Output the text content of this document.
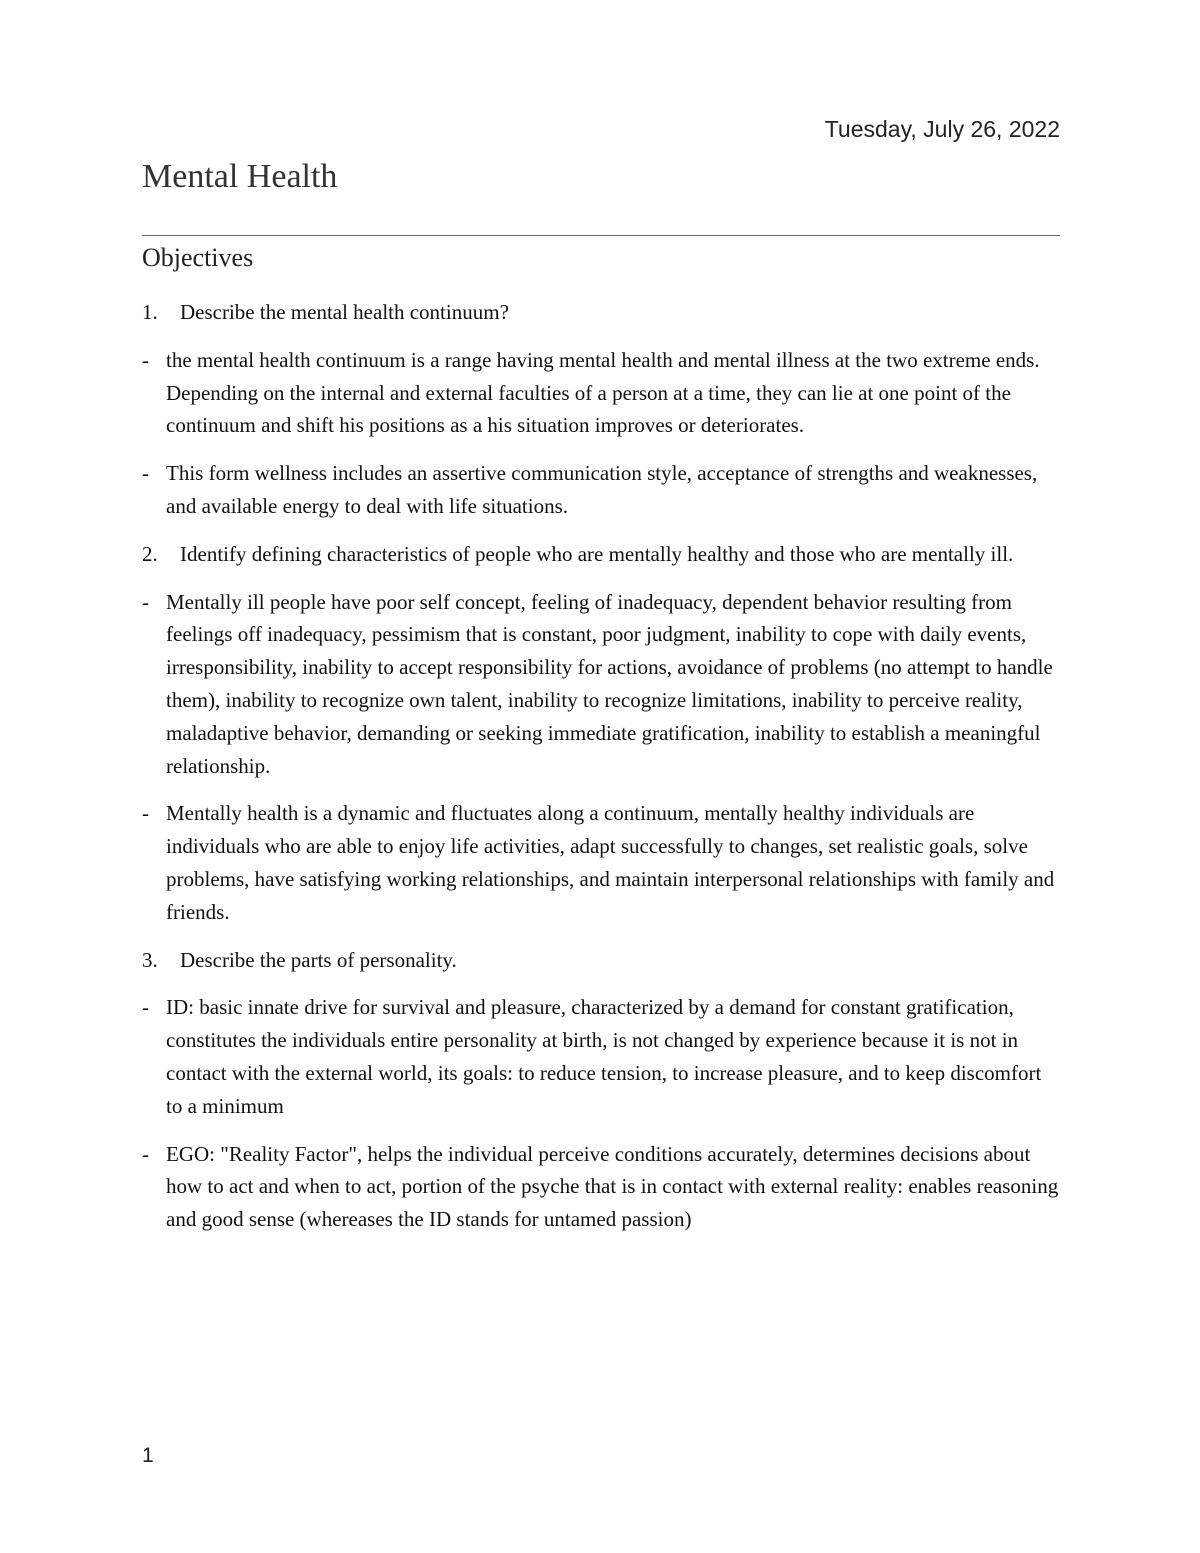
Tuesday, July 26, 2022
Mental Health
Objectives
1.	Describe the mental health continuum?
- the mental health continuum is a range having mental health and mental illness at the two extreme ends. Depending on the internal and external faculties of a person at a time, they can lie at one point of the continuum and shift his positions as a his situation improves or deteriorates.
- This form wellness includes an assertive communication style, acceptance of strengths and weaknesses, and available energy to deal with life situations.
2.	Identify defining characteristics of people who are mentally healthy and those who are mentally ill.
- Mentally ill people have poor self concept, feeling of inadequacy, dependent behavior resulting from feelings off inadequacy, pessimism that is constant, poor judgment, inability to cope with daily events, irresponsibility, inability to accept responsibility for actions, avoidance of problems (no attempt to handle them), inability to recognize own talent, inability to recognize limitations, inability to perceive reality, maladaptive behavior, demanding or seeking immediate gratification, inability to establish a meaningful relationship.
- Mentally health is a dynamic and fluctuates along a continuum, mentally healthy individuals are individuals who are able to enjoy life activities, adapt successfully to changes, set realistic goals, solve problems, have satisfying working relationships, and maintain interpersonal relationships with family and friends.
3.	Describe the parts of personality.
- ID: basic innate drive for survival and pleasure, characterized by a demand for constant gratification, constitutes the individuals entire personality at birth, is not changed by experience because it is not in contact with the external world, its goals: to reduce tension, to increase pleasure, and to keep discomfort to a minimum
- EGO: "Reality Factor", helps the individual perceive conditions accurately, determines decisions about how to act and when to act, portion of the psyche that is in contact with external reality: enables reasoning and good sense (whereases the ID stands for untamed passion)
1
